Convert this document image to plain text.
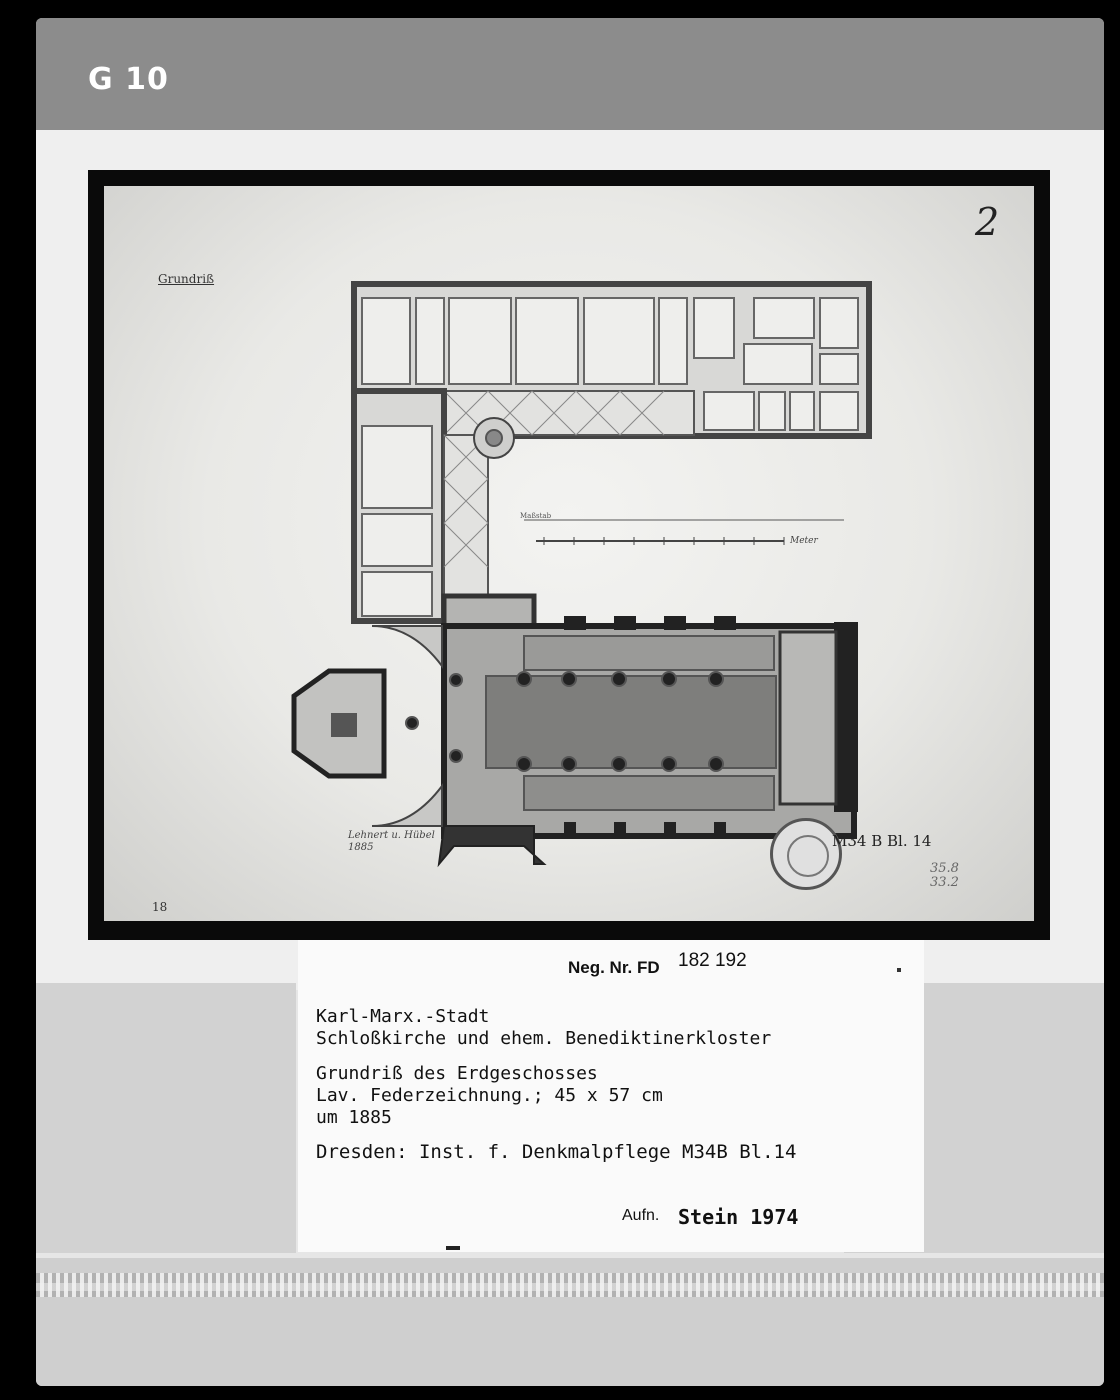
G 10
2
Grundriß
Maßstab
Meter
Lehnert u. Hübel
1885	M34 B Bl. 14
18
35.8
33.2
Neg. Nr. FD 182 192
Karl-Marx.-Stadt
Schloßkirche und ehem. Benediktinerkloster
Grundriß des Erdgeschosses
Lav. Federzeichnung.; 45 x 57 cm
um 1885
Dresden: Inst. f. Denkmalpflege M34B Bl.14
Aufn. Stein 1974
